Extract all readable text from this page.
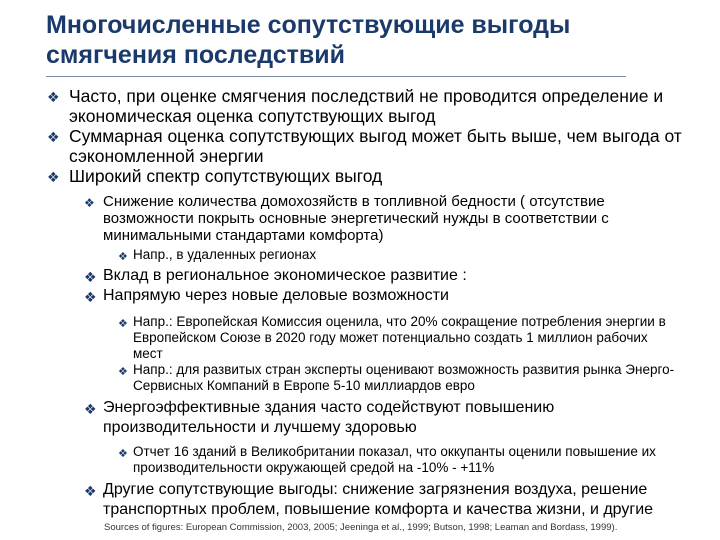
Многочисленные сопутствующие выгоды
смягчения последствий
❖ Часто, при оценке смягчения последствий не проводится определение и экономическая оценка сопутствующих выгод
❖ Суммарная оценка сопутствующих выгод может быть выше, чем выгода от сэкономленной энергии
❖ Широкий спектр сопутствующих выгод
❖ Снижение количества домохозяйств в топливной бедности ( отсутствие возможности покрыть основные энергетический нужды в соответствии с минимальными стандартами комфорта)
❖ Напр., в удаленных регионах
❖ Вклад в региональное экономическое развитие :
❖ Напрямую через новые деловые возможности
❖ Напр.: Европейская Комиссия оценила, что 20% сокращение потребления энергии в Европейском Союзе в 2020 году может потенциально создать 1 миллион рабочих мест
❖ Напр.: для развитых стран эксперты оценивают возможность развития рынка Энерго-Сервисных Компаний в Европе 5-10 миллиардов евро
❖ Энергоэффективные здания часто содействуют повышению производительности и лучшему здоровью
❖ Отчет 16 зданий в Великобритании показал, что оккупанты оценили повышение их производительности окружающей средой на -10% - +11%
❖ Другие сопутствующие выгоды: снижение загрязнения воздуха, решение транспортных проблем, повышение комфорта и качества жизни, и другие
Sources of figures: European Commission, 2003, 2005; Jeeninga et al., 1999; Butson, 1998; Leaman and Bordass, 1999).
